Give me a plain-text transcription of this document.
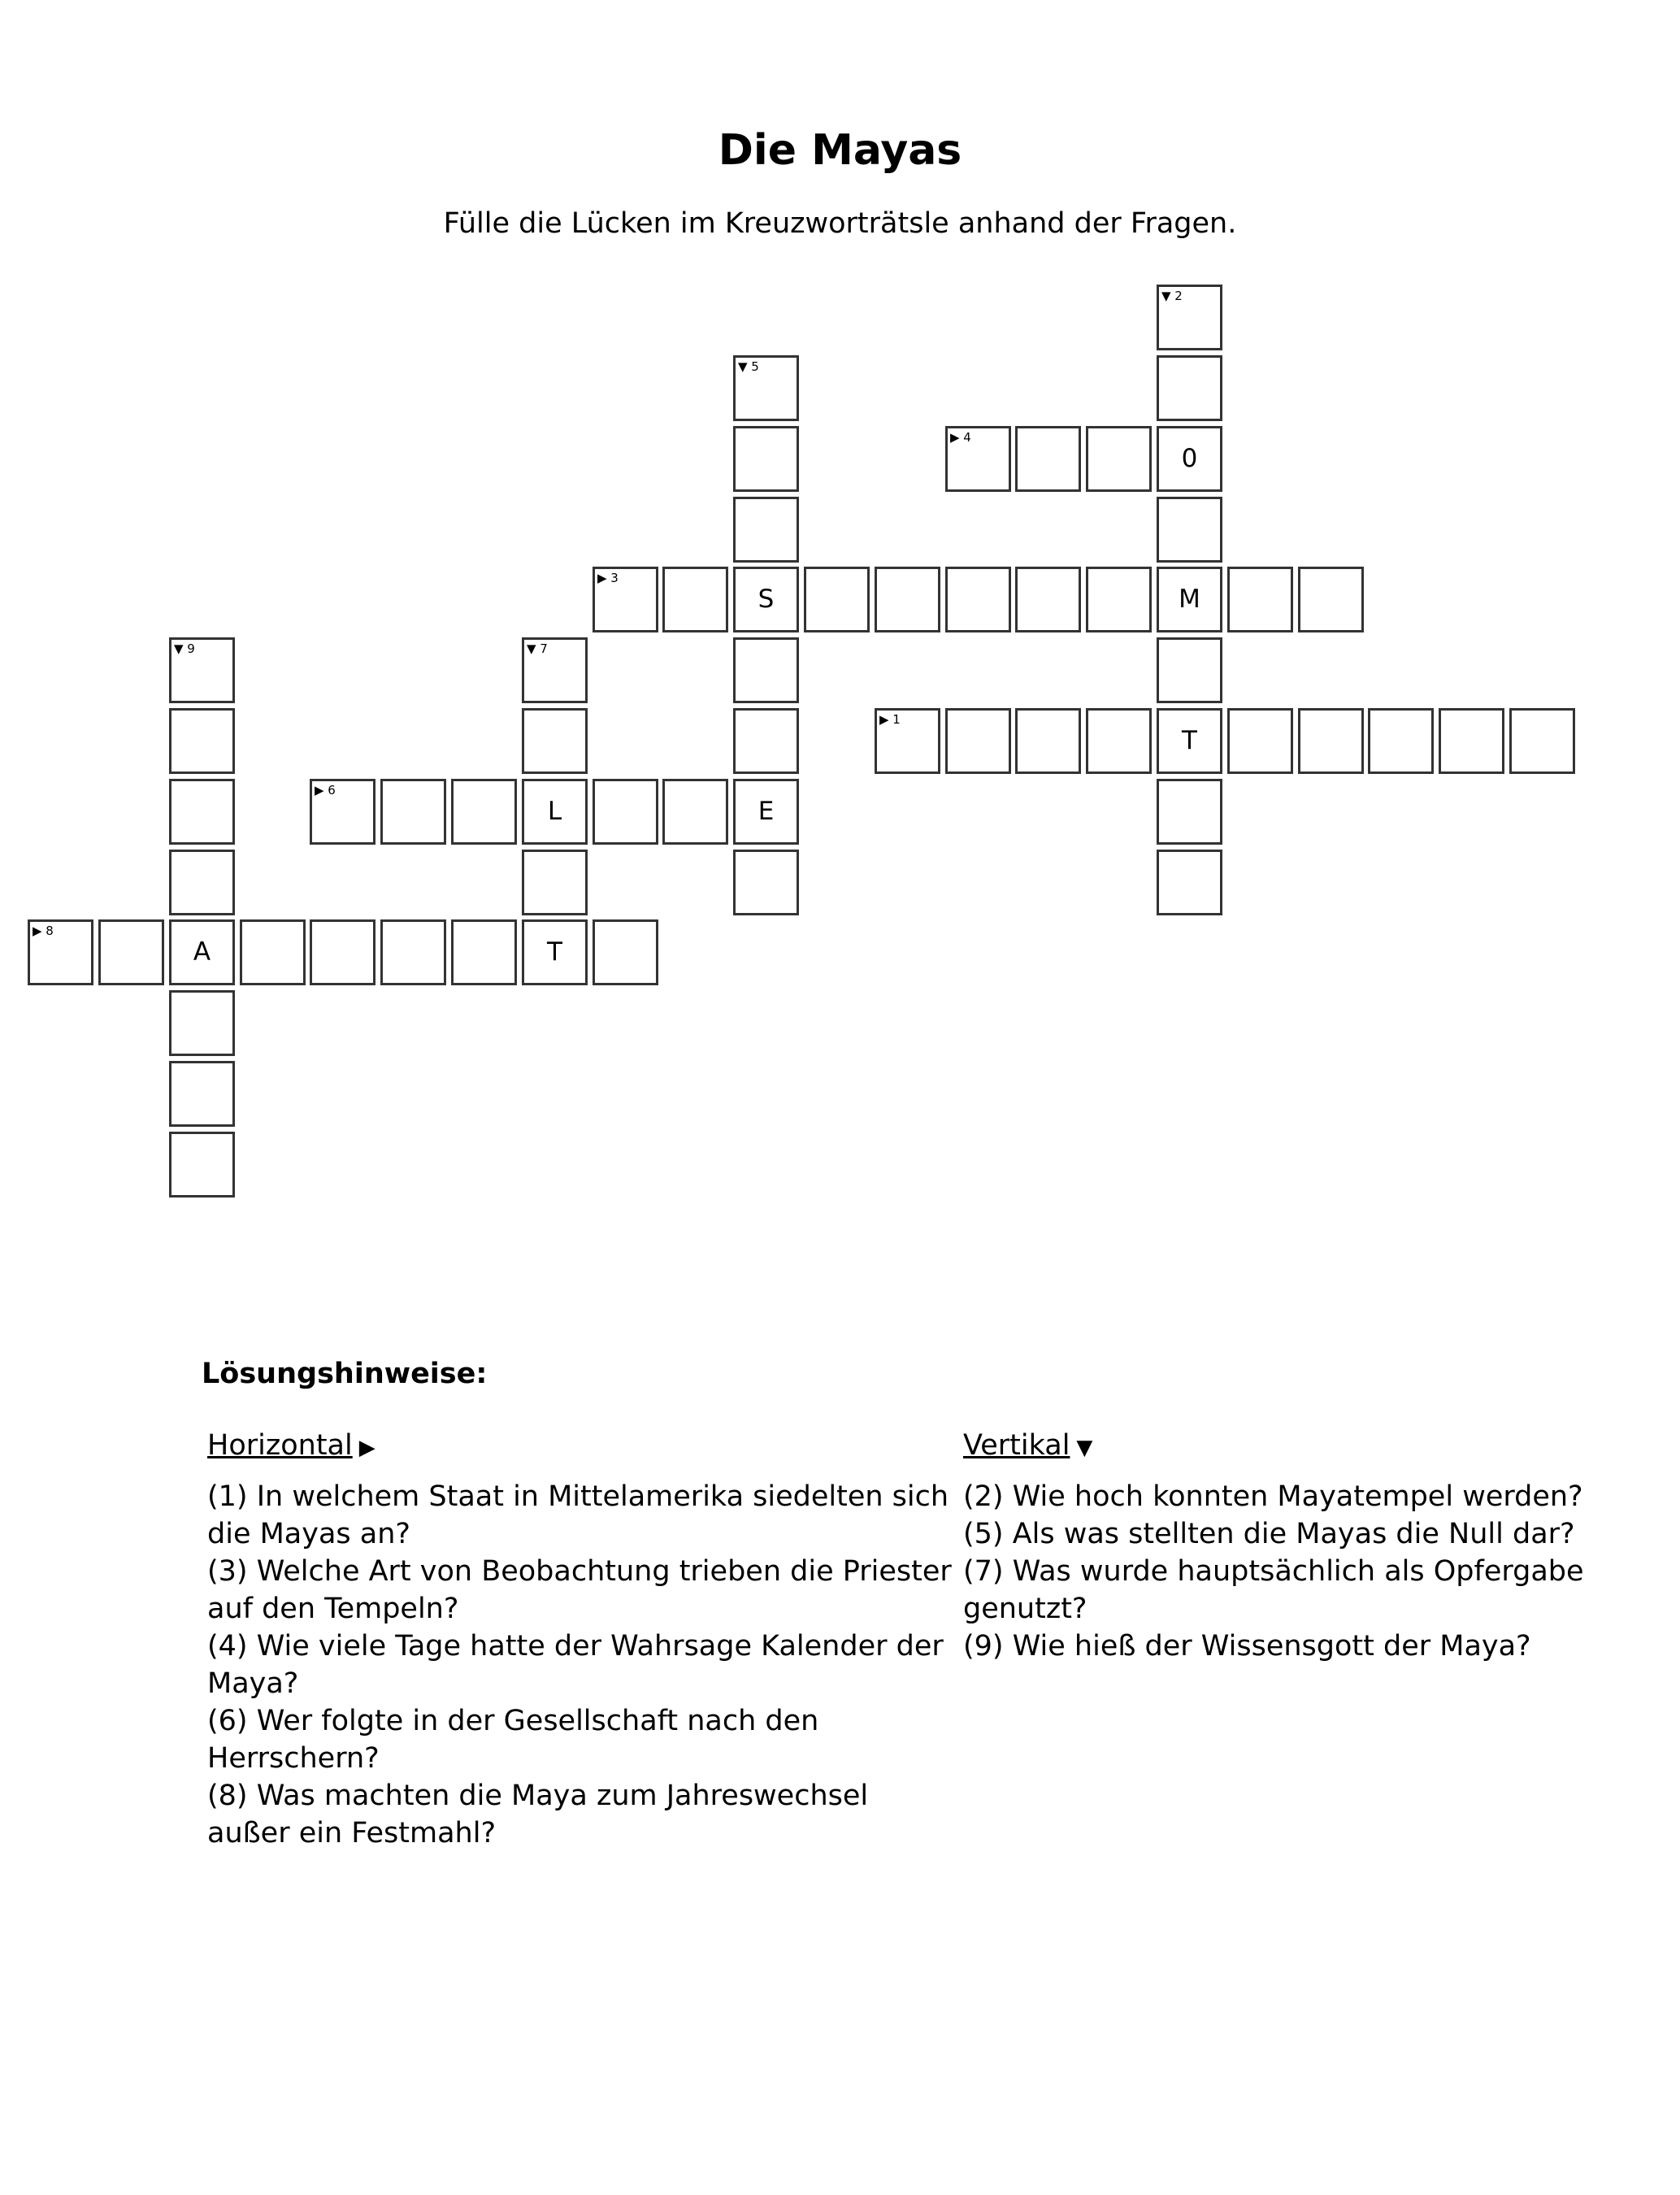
Die Mayas
Fülle die Lücken im Kreuzworträtsle anhand der Fragen.
T
▶ 1
0
M
▼ 2
S
▶ 3
▶ 4
E
▼ 5
L
▶ 6
T
▼ 7
A
▶ 8
▼ 9
Lösungshinweise:
Horizontal ▶

(1) In welchem Staat in Mittelamerika siedelten sich die Mayas an?

(3) Welche Art von Beobachtung trieben die Priester auf den Tempeln?

(4) Wie viele Tage hatte der Wahrsage Kalender der Maya?

(6) Wer folgte in der Gesellschaft nach den Herrschern?

(8) Was machten die Maya zum Jahreswechsel außer ein Festmahl?

Vertikal ▼

(2) Wie hoch konnten Mayatempel werden?

(5) Als was stellten die Mayas die Null dar?

(7) Was wurde hauptsächlich als Opfergabe genutzt?

(9) Wie hieß der Wissensgott der Maya?
